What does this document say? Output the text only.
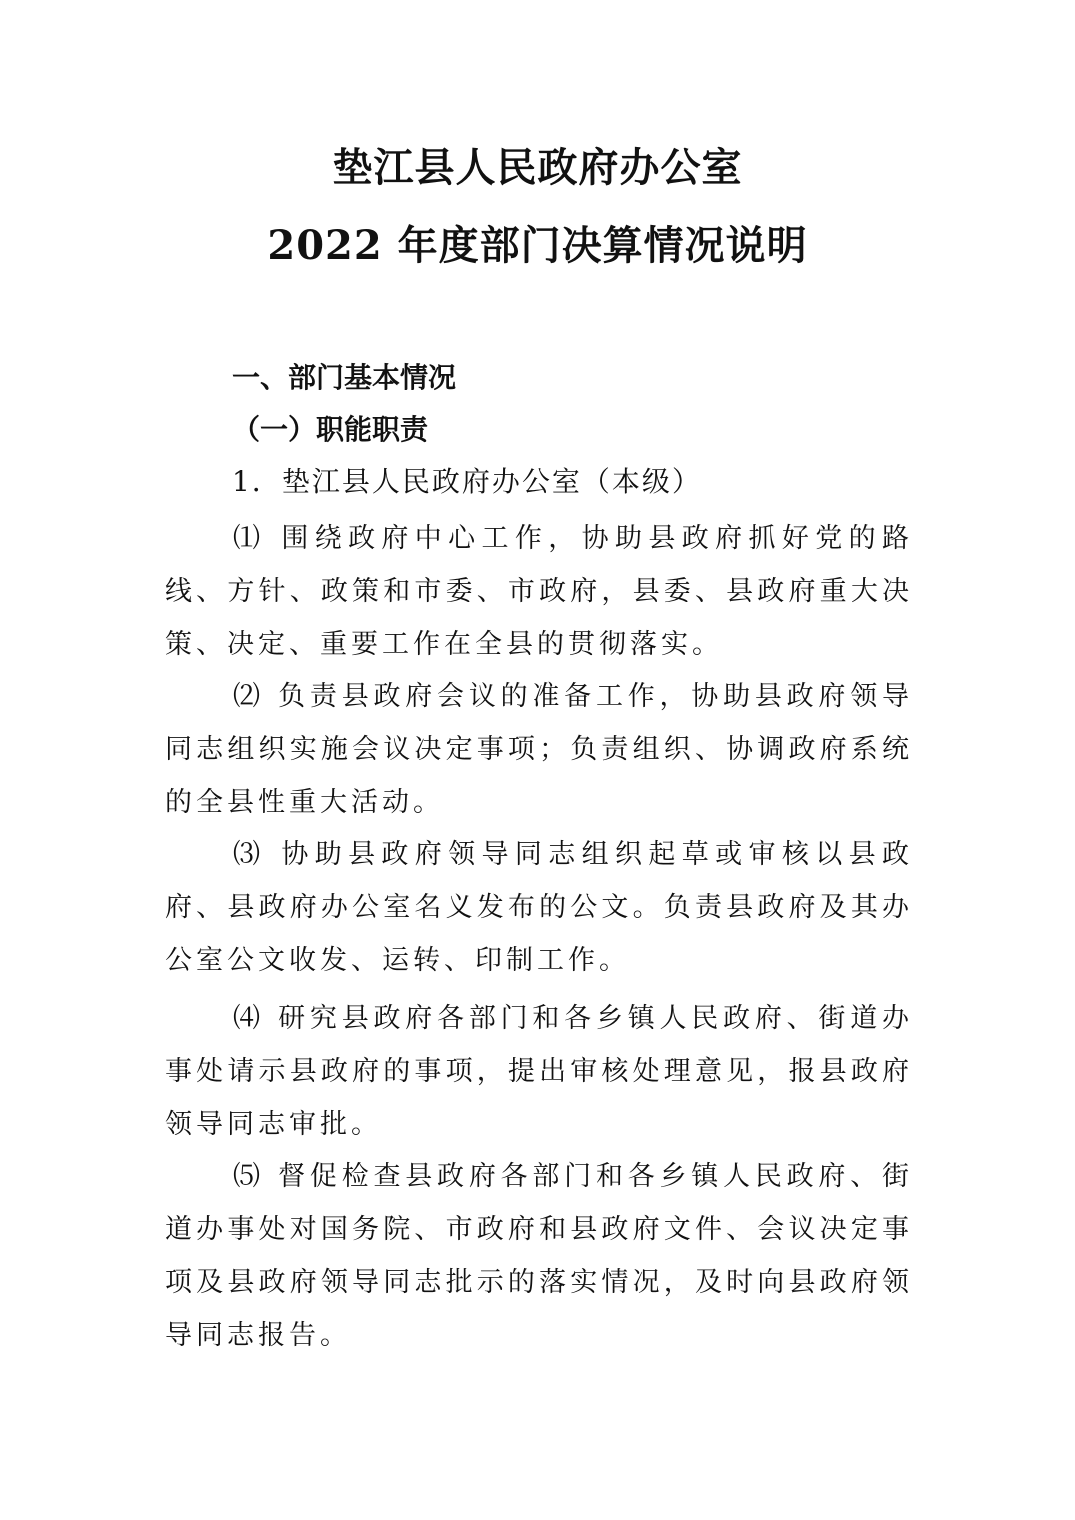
垫江县人民政府办公室
2022 年度部门决算情况说明
一、部门基本情况
（一）职能职责
1．垫江县人民政府办公室（本级）
⑴ 围绕政府中心工作，协助县政府抓好党的路线、方针、政策和市委、市政府，县委、县政府重大决策、决定、重要工作在全县的贯彻落实。
⑵ 负责县政府会议的准备工作，协助县政府领导同志组织实施会议决定事项；负责组织、协调政府系统的全县性重大活动。
⑶ 协助县政府领导同志组织起草或审核以县政府、县政府办公室名义发布的公文。负责县政府及其办公室公文收发、运转、印制工作。
⑷ 研究县政府各部门和各乡镇人民政府、街道办事处请示县政府的事项，提出审核处理意见，报县政府领导同志审批。
⑸ 督促检查县政府各部门和各乡镇人民政府、街道办事处对国务院、市政府和县政府文件、会议决定事项及县政府领导同志批示的落实情况，及时向县政府领导同志报告。
